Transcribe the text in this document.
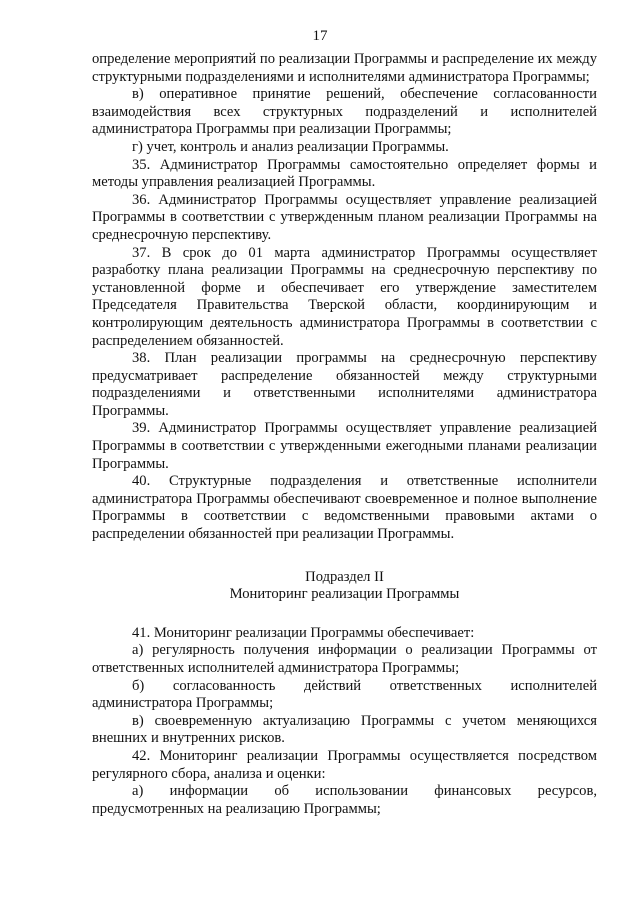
17

определение мероприятий по реализации Программы и распределение их между структурными подразделениями и исполнителями администратора Программы;

в) оперативное принятие решений, обеспечение согласованности взаимодействия всех структурных подразделений и исполнителей администратора Программы при реализации Программы;

г) учет, контроль и анализ реализации Программы.

35. Администратор Программы самостоятельно определяет формы и методы управления реализацией Программы.

36. Администратор Программы осуществляет управление реализацией Программы в соответствии с утвержденным планом реализации Программы на среднесрочную перспективу.

37. В срок до 01 марта администратор Программы осуществляет разработку плана реализации Программы на среднесрочную перспективу по установленной форме и обеспечивает его утверждение заместителем Председателя Правительства Тверской области, координирующим и контролирующим деятельность администратора Программы в соответствии с распределением обязанностей.

38. План реализации программы на среднесрочную перспективу предусматривает распределение обязанностей между структурными подразделениями и ответственными исполнителями администратора Программы.

39. Администратор Программы осуществляет управление реализацией Программы в соответствии с утвержденными ежегодными планами реализации Программы.

40. Структурные подразделения и ответственные исполнители администратора Программы обеспечивают своевременное и полное выполнение Программы в соответствии с ведомственными правовыми актами о распределении обязанностей при реализации Программы.

Подраздел II
Мониторинг реализации Программы

41. Мониторинг реализации Программы обеспечивает:

а) регулярность получения информации о реализации Программы от ответственных исполнителей администратора Программы;

б) согласованность действий ответственных исполнителей администратора Программы;

в) своевременную актуализацию Программы с учетом меняющихся внешних и внутренних рисков.

42. Мониторинг реализации Программы осуществляется посредством регулярного сбора, анализа и оценки:

а) информации об использовании финансовых ресурсов, предусмотренных на реализацию Программы;
